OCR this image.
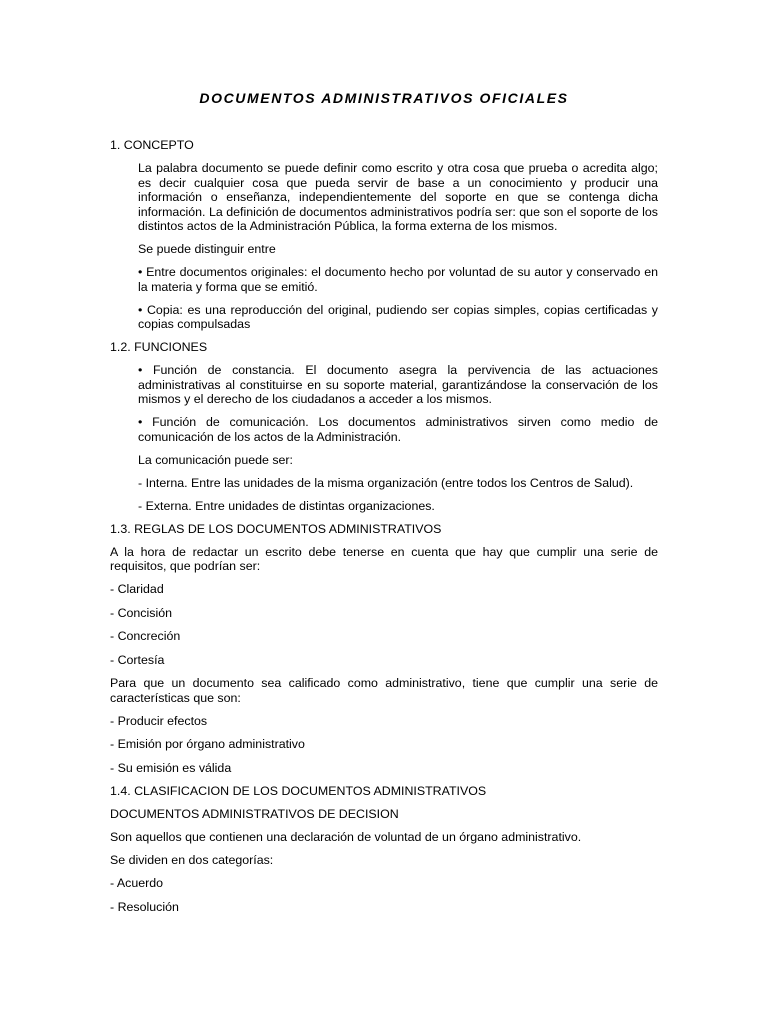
DOCUMENTOS ADMINISTRATIVOS OFICIALES
1. CONCEPTO
La palabra documento se puede definir como escrito y otra cosa que prueba o acredita algo; es decir cualquier cosa que pueda servir de base a un conocimiento y producir una información o enseñanza, independientemente del soporte en que se contenga dicha información. La definición de documentos administrativos podría ser: que son el soporte de los distintos actos de la Administración Pública, la forma externa de los mismos.
Se puede distinguir entre
• Entre documentos originales: el documento hecho por voluntad de su autor y conservado en la materia y forma que se emitió.
• Copia: es una reproducción del original, pudiendo ser copias simples, copias certificadas y copias compulsadas
1.2. FUNCIONES
• Función de constancia. El documento asegra la pervivencia de las actuaciones administrativas al constituirse en su soporte material, garantizándose la conservación de los mismos y el derecho de los ciudadanos a acceder a los mismos.
• Función de comunicación. Los documentos administrativos sirven como medio de comunicación de los actos de la Administración.
La comunicación puede ser:
- Interna. Entre las unidades de la misma organización (entre todos los Centros de Salud).
- Externa. Entre unidades de distintas organizaciones.
1.3. REGLAS DE LOS DOCUMENTOS ADMINISTRATIVOS
A la hora de redactar un escrito debe tenerse en cuenta que hay que cumplir una serie de requisitos, que podrían ser:
- Claridad
- Concisión
- Concreción
- Cortesía
Para que un documento sea calificado como administrativo, tiene que cumplir una serie de características que son:
- Producir efectos
- Emisión por órgano administrativo
- Su emisión es válida
1.4. CLASIFICACION DE LOS DOCUMENTOS ADMINISTRATIVOS
DOCUMENTOS ADMINISTRATIVOS DE DECISION
Son aquellos que contienen una declaración de voluntad de un órgano administrativo.
Se dividen en dos categorías:
- Acuerdo
- Resolución
